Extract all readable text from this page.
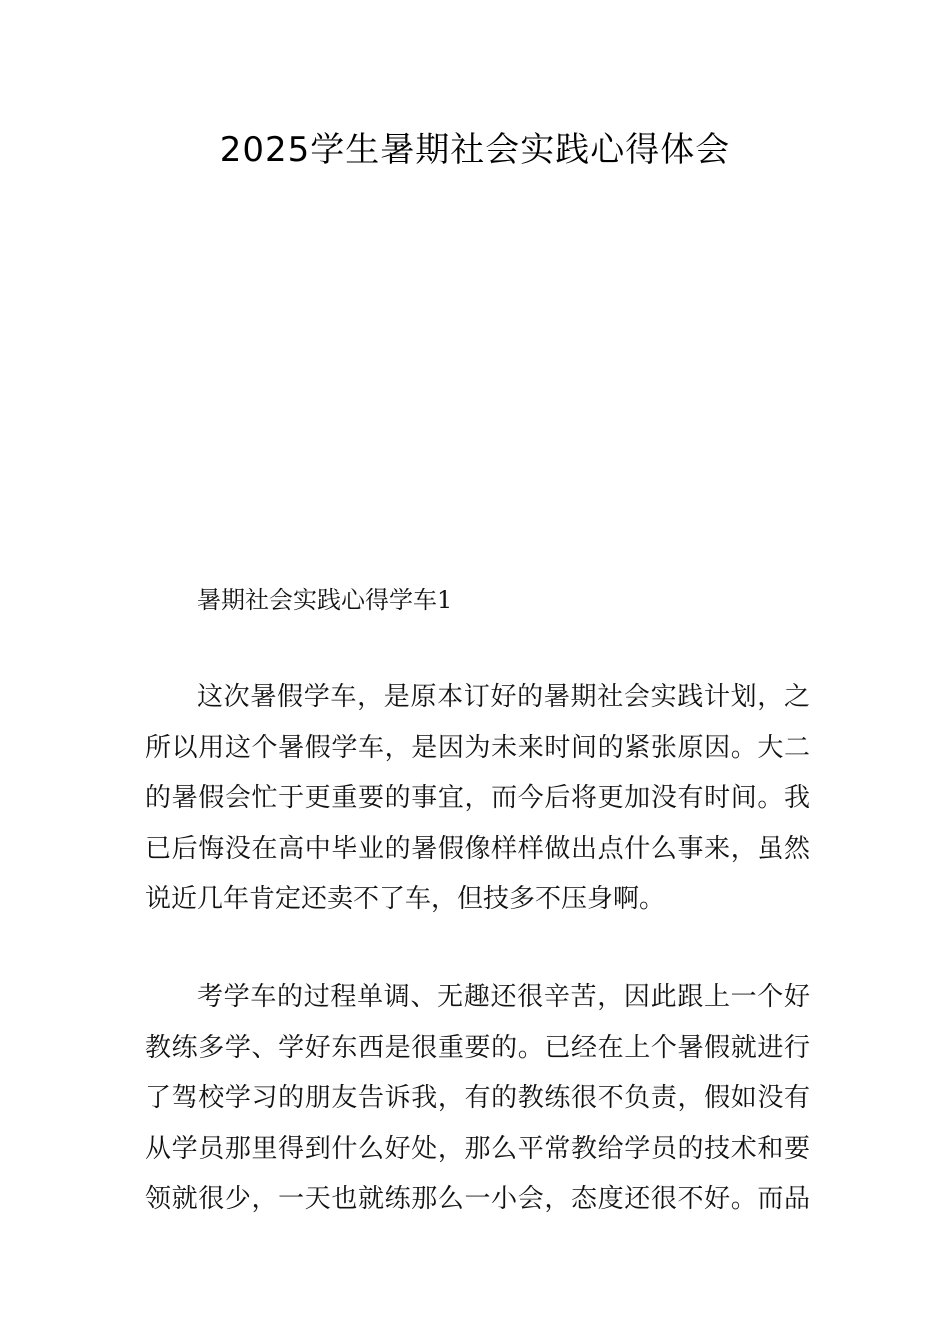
2025学生暑期社会实践心得体会
暑期社会实践心得学车1
这次暑假学车，是原本订好的暑期社会实践计划，之
所以用这个暑假学车，是因为未来时间的紧张原因。大二
的暑假会忙于更重要的事宜，而今后将更加没有时间。我
已后悔没在高中毕业的暑假像样样做出点什么事来，虽然
说近几年肯定还卖不了车，但技多不压身啊。
考学车的过程单调、无趣还很辛苦，因此跟上一个好
教练多学、学好东西是很重要的。已经在上个暑假就进行
了驾校学习的朋友告诉我，有的教练很不负责，假如没有
从学员那里得到什么好处，那么平常教给学员的技术和要
领就很少，一天也就练那么一小会，态度还很不好。而品
